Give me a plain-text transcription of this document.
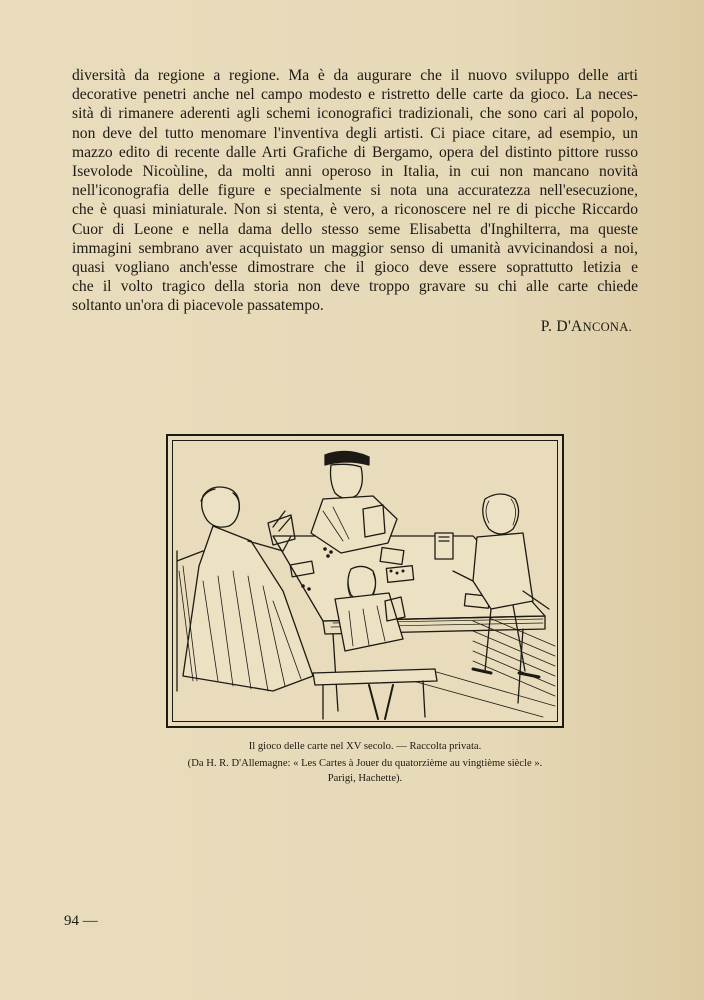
diversità da regione a regione. Ma è da augurare che il nuovo sviluppo delle arti
decorative penetri anche nel campo modesto e ristretto delle carte da gioco. La neces-
sità di rimanere aderenti agli schemi iconografici tradizionali, che sono cari al popolo,
non deve del tutto menomare l'inventiva degli artisti. Ci piace citare, ad esempio, un
mazzo edito di recente dalle Arti Grafiche di Bergamo, opera del distinto pittore russo
Isevolode Nicoùline, da molti anni operoso in Italia, in cui non mancano novità
nell'iconografia delle figure e specialmente si nota una accuratezza nell'esecuzione,
che è quasi miniaturale. Non si stenta, è vero, a riconoscere nel re di picche Riccardo
Cuor di Leone e nella dama dello stesso seme Elisabetta d'Inghilterra, ma queste
immagini sembrano aver acquistato un maggior senso di umanità avvicinandosi a noi,
quasi vogliano anch'esse dimostrare che il gioco deve essere soprattutto letizia e
che il volto tragico della storia non deve troppo gravare su chi alle carte chiede
soltanto un'ora di piacevole passatempo.
P. D'ANCONA.
Il gioco delle carte nel XV secolo. — Raccolta privata.
(Da H. R. D'Allemagne: « Les Cartes à Jouer du quatorzième au vingtième siècle ».
Parigi, Hachette).
94 —
